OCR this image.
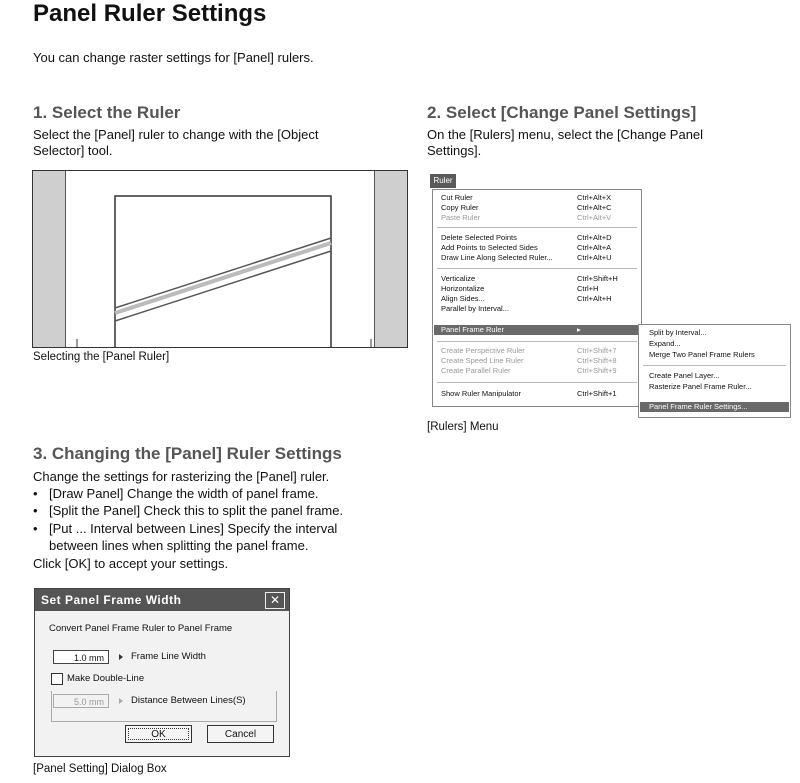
Panel Ruler Settings
You can change raster settings for [Panel] rulers.
1. Select the Ruler
Select the [Panel] ruler to change with the [Object
Selector] tool.
Selecting the [Panel Ruler]
2. Select [Change Panel Settings]
On the [Rulers] menu, select the [Change Panel
Settings].
Ruler
Cut Ruler	Ctrl+Alt+X
Copy Ruler	Ctrl+Alt+C
Paste Ruler	Ctrl+Alt+V
Delete Selected Points	Ctrl+Alt+D
Add Points to Selected Sides	Ctrl+Alt+A
Draw Line Along Selected Ruler...	Ctrl+Alt+U
Verticalize	Ctrl+Shift+H
Horizontalize	Ctrl+H
Align Sides...	Ctrl+Alt+H
Parallel by Interval...
Panel Frame Ruler	▸
Create Perspective Ruler	Ctrl+Shift+7
Create Speed Line Ruler	Ctrl+Shift+8
Create Parallel Ruler	Ctrl+Shift+9
Show Ruler Manipulator	Ctrl+Shift+1
Split by Interval...
Expand...
Merge Two Panel Frame Rulers
Create Panel Layer...
Rasterize Panel Frame Ruler...
Panel Frame Ruler Settings...
[Rulers] Menu
3. Changing the [Panel] Ruler Settings
Change the settings for rasterizing the [Panel] ruler.
• [Draw Panel] Change the width of panel frame.
• [Split the Panel] Check this to split the panel frame.
• [Put ... Interval between Lines] Specify the interval
between lines when splitting the panel frame.
Click [OK] to accept your settings.
Set Panel Frame Width	✕
Convert Panel Frame Ruler to Panel Frame
1.0 mm	Frame Line Width
Make Double-Line
5.0 mm	Distance Between Lines(S)
OK	Cancel
[Panel Setting] Dialog Box
